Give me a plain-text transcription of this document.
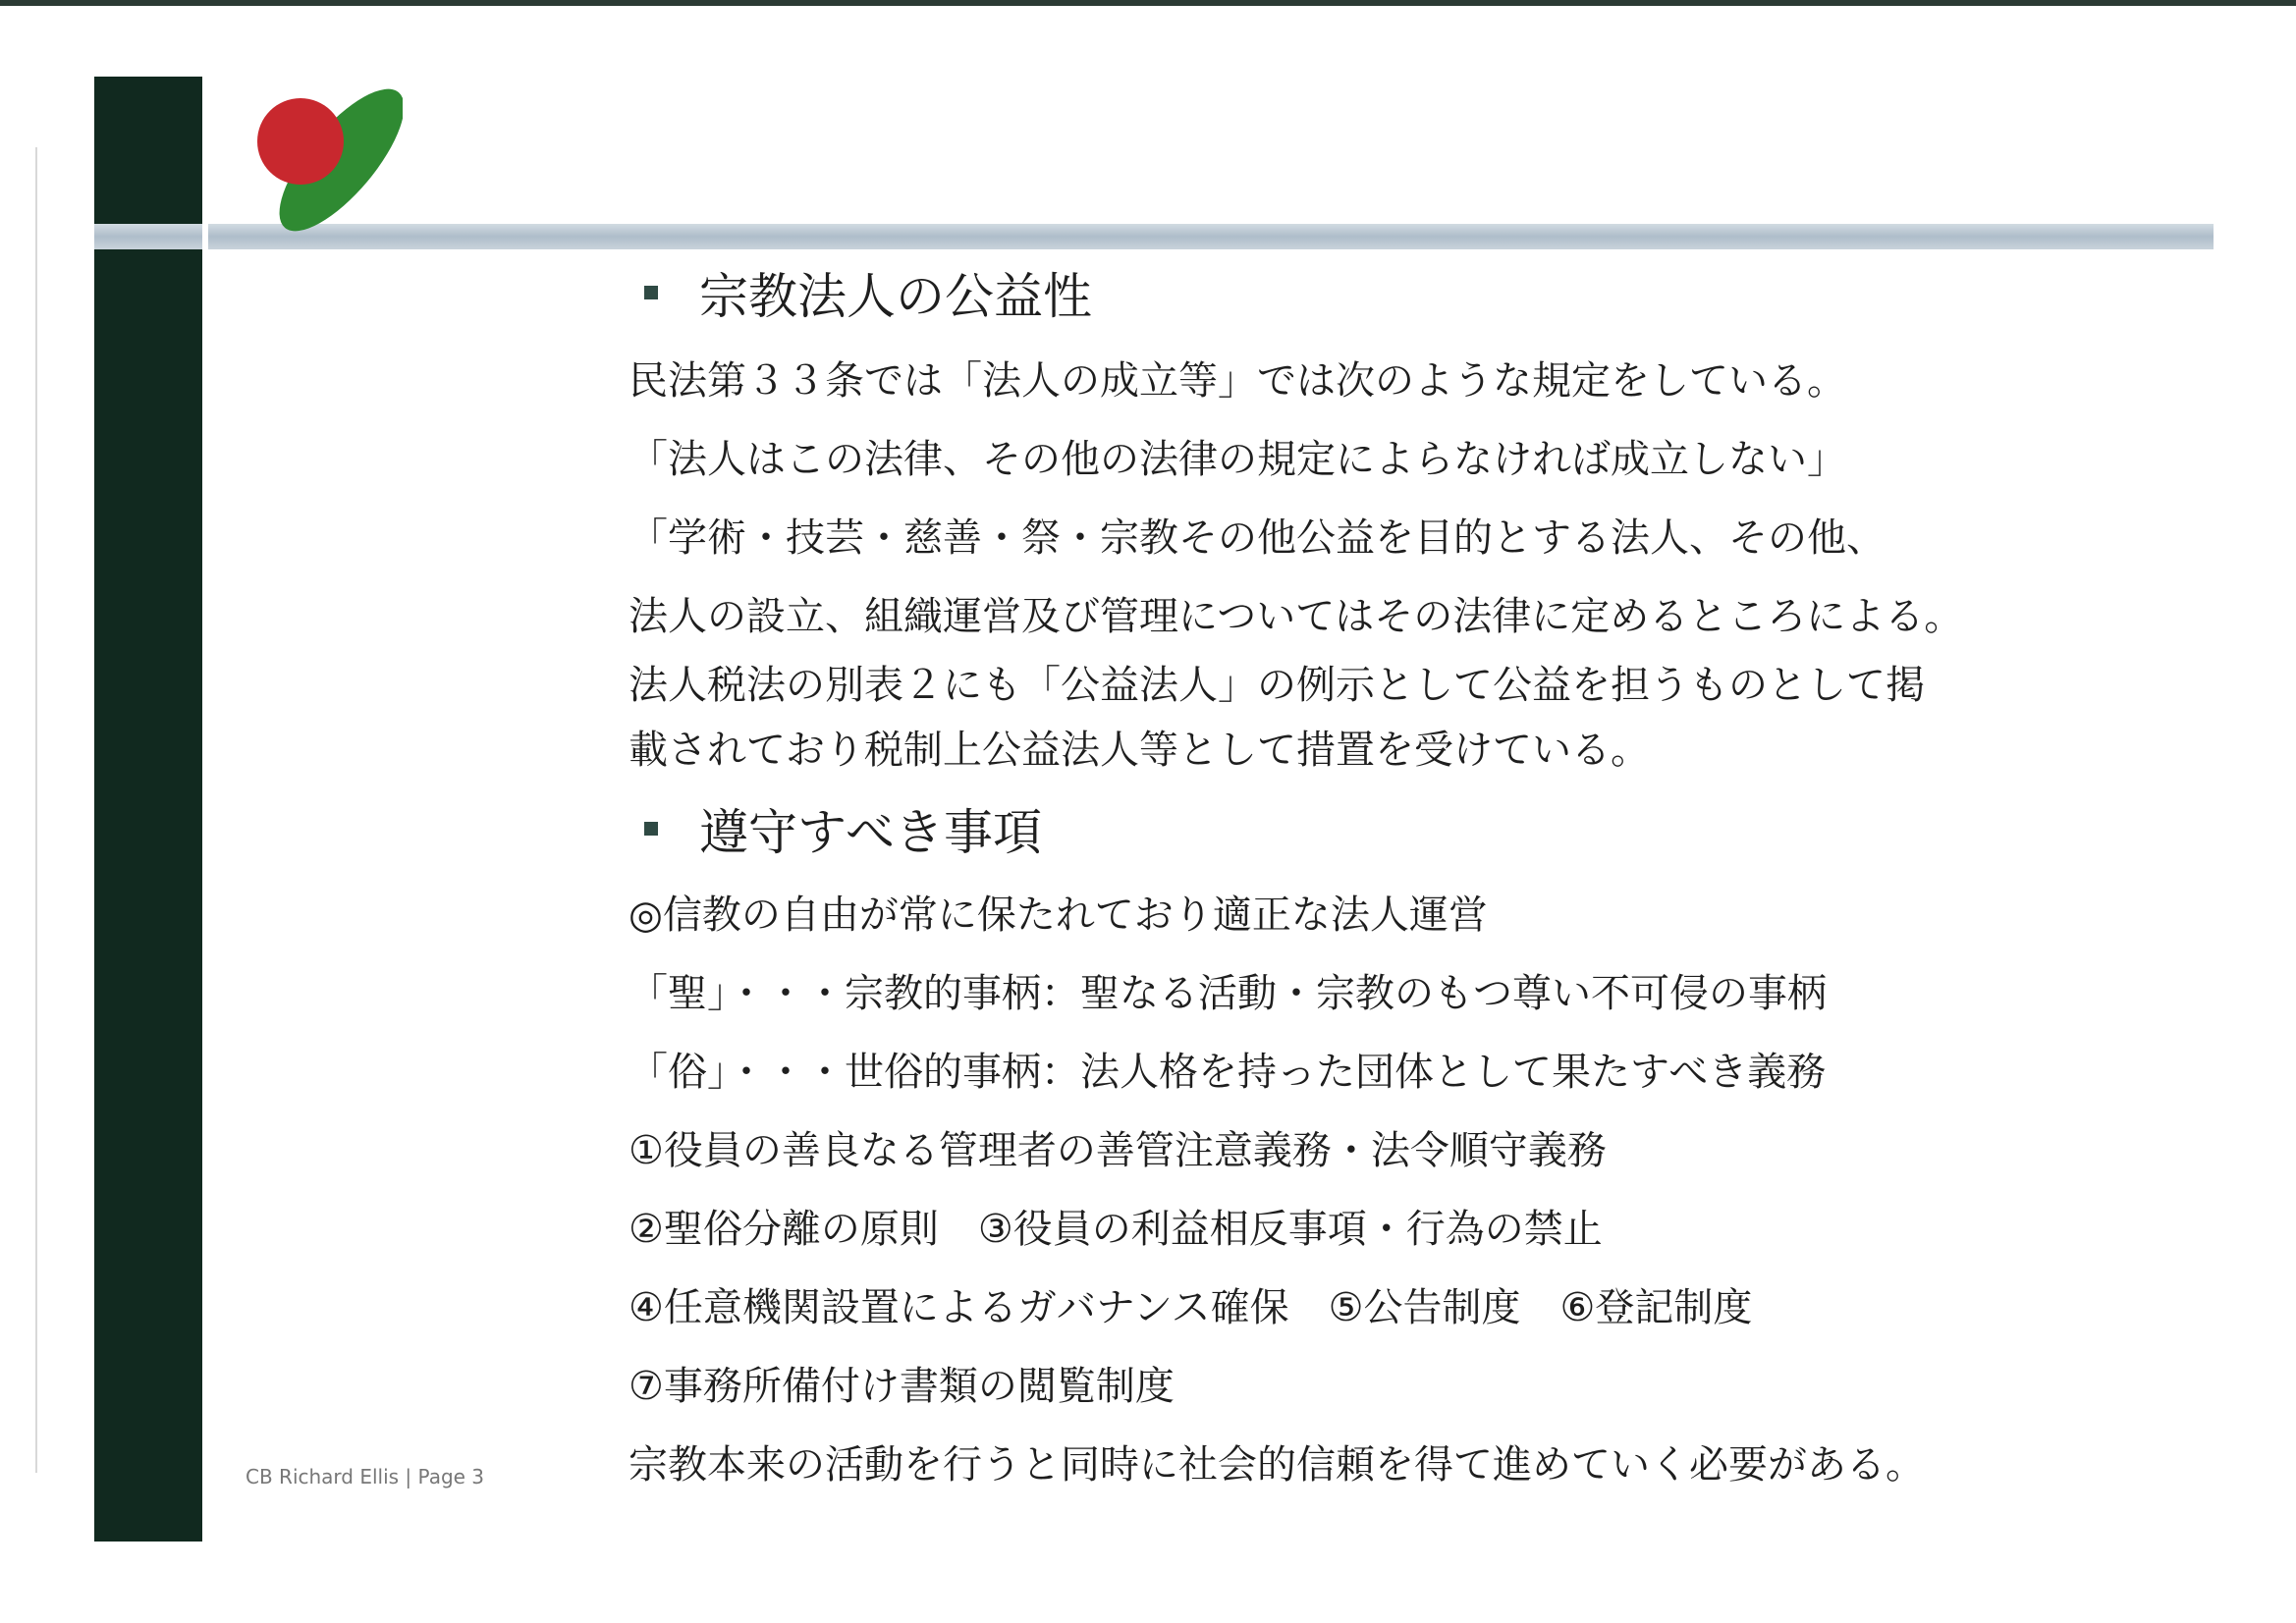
宗教法人の公益性
民法第３３条では「法人の成立等」では次のような規定をしている。
「法人はこの法律、その他の法律の規定によらなければ成立しない」
「学術・技芸・慈善・祭・宗教その他公益を目的とする法人、その他、
法人の設立、組織運営及び管理についてはその法律に定めるところによる。
法人税法の別表２にも「公益法人」の例示として公益を担うものとして掲
載されており税制上公益法人等として措置を受けている。
遵守すべき事項
◎信教の自由が常に保たれており適正な法人運営
「聖」・・・宗教的事柄：聖なる活動・宗教のもつ尊い不可侵の事柄
「俗」・・・世俗的事柄：法人格を持った団体として果たすべき義務
①役員の善良なる管理者の善管注意義務・法令順守義務
②聖俗分離の原則　③役員の利益相反事項・行為の禁止
④任意機関設置によるガバナンス確保　⑤公告制度　⑥登記制度
⑦事務所備付け書類の閲覧制度
宗教本来の活動を行うと同時に社会的信頼を得て進めていく必要がある。
CB Richard Ellis | Page 3
